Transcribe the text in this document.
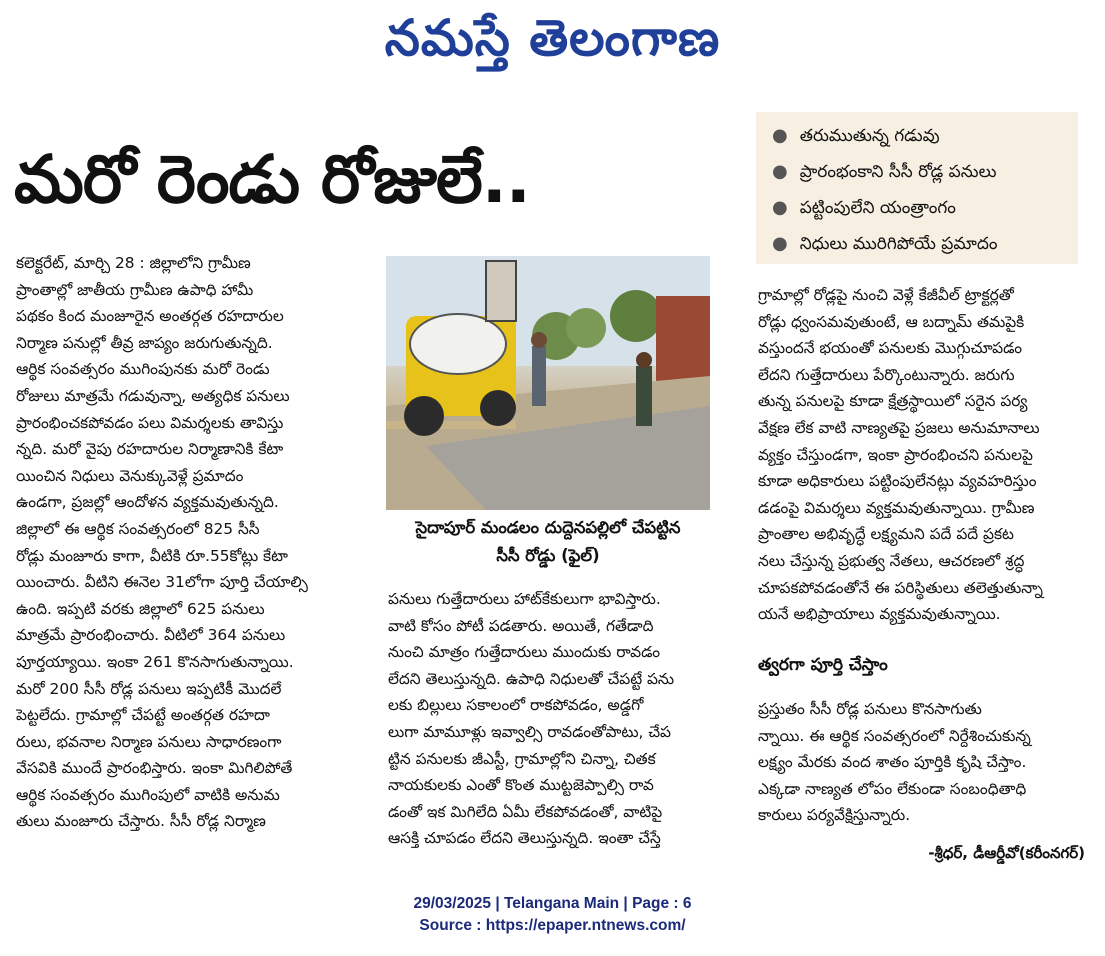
నమస్తే తెలంగాణ
మరో రెండు రోజులే..
● తరుముతున్న గడువు
● ప్రారంభంకాని సీసీ రోడ్ల పనులు
● పట్టింపులేని యంత్రాంగం
● నిధులు మురిగిపోయే ప్రమాదం
కలెక్టరేట్, మార్చి 28 : జిల్లాలోని గ్రామీణ
ప్రాంతాల్లో జాతీయ గ్రామీణ ఉపాధి హామీ
పథకం కింద మంజూరైన అంతర్గత రహదారుల
నిర్మాణ పనుల్లో తీవ్ర జాప్యం జరుగుతున్నది.
ఆర్థిక సంవత్సరం ముగింపునకు మరో రెండు
రోజులు మాత్రమే గడువున్నా, అత్యధిక పనులు
ప్రారంభించకపోవడం పలు విమర్శలకు తావిస్తు
న్నది. మరో వైపు రహదారుల నిర్మాణానికి కేటా
యించిన నిధులు వెనుక్కువెళ్లే ప్రమాదం
ఉండగా, ప్రజల్లో ఆందోళన వ్యక్తమవుతున్నది.
జిల్లాలో ఈ ఆర్థిక సంవత్సరంలో 825 సీసీ
రోడ్లు మంజూరు కాగా, వీటికి రూ.55కోట్లు కేటా
యించారు. వీటిని ఈనెల 31లోగా పూర్తి చేయాల్సి
ఉంది. ఇప్పటి వరకు జిల్లాలో 625 పనులు
మాత్రమే ప్రారంభించారు. వీటిలో 364 పనులు
పూర్తయ్యాయి. ఇంకా 261 కొనసాగుతున్నాయి.
మరో 200 సీసీ రోడ్ల పనులు ఇప్పటికీ మొదలే
పెట్టలేదు. గ్రామాల్లో చేపట్టే అంతర్గత రహదా
రులు, భవనాల నిర్మాణ పనులు సాధారణంగా
వేసవికి ముందే ప్రారంభిస్తారు. ఇంకా మిగిలిపోతే
ఆర్థిక సంవత్సరం ముగింపులో వాటికి అనుమ
తులు మంజూరు చేస్తారు. సీసీ రోడ్ల నిర్మాణ
సైదాపూర్ మండలం దుద్దెనపల్లిలో చేపట్టిన
సీసీ రోడ్డు (ఫైల్)
పనులు గుత్తేదారులు హాట్‌కేకులుగా భావిస్తారు.
వాటి కోసం పోటీ పడతారు. అయితే, గతేడాది
నుంచి మాత్రం గుత్తేదారులు ముందుకు రావడం
లేదని తెలుస్తున్నది. ఉపాధి నిధులతో చేపట్టే పను
లకు బిల్లులు సకాలంలో రాకపోవడం, అడ్డగో
లుగా మామూళ్లు ఇవ్వాల్సి రావడంతోపాటు, చేప
ట్టిన పనులకు జీఎస్టీ, గ్రామాల్లోని చిన్నా, చితక
నాయకులకు ఎంతో కొంత ముట్టజెప్పాల్సి రావ
డంతో ఇక మిగిలేది ఏమీ లేకపోవడంతో, వాటిపై
ఆసక్తి చూపడం లేదని తెలుస్తున్నది. ఇంతా చేస్తే
గ్రామాల్లో రోడ్లపై నుంచి వెళ్లే కేజీవీల్ ట్రాక్టర్లతో
రోడ్లు ధ్వంసమవుతుంటే, ఆ బద్నామ్ తమపైకి
వస్తుందనే భయంతో పనులకు మొగ్గుచూపడం
లేదని గుత్తేదారులు పేర్కొంటున్నారు. జరుగు
తున్న పనులపై కూడా క్షేత్రస్థాయిలో సరైన పర్య
వేక్షణ లేక వాటి నాణ్యతపై ప్రజలు అనుమానాలు
వ్యక్తం చేస్తుండగా, ఇంకా ప్రారంభించని పనులపై
కూడా అధికారులు పట్టింపులేనట్లు వ్యవహరిస్తుం
డడంపై విమర్శలు వ్యక్తమవుతున్నాయి. గ్రామీణ
ప్రాంతాల అభివృద్ధే లక్ష్యమని పదే పదే ప్రకట
నలు చేస్తున్న ప్రభుత్వ నేతలు, ఆచరణలో శ్రద్ధ
చూపకపోవడంతోనే ఈ పరిస్థితులు తలెత్తుతున్నా
యనే అభిప్రాయాలు వ్యక్తమవుతున్నాయి.
త్వరగా పూర్తి చేస్తాం
ప్రస్తుతం సీసీ రోడ్ల పనులు కొనసాగుతు
న్నాయి. ఈ ఆర్థిక సంవత్సరంలో నిర్దేశించుకున్న
లక్ష్యం మేరకు వంద శాతం పూర్తికి కృషి చేస్తాం.
ఎక్కడా నాణ్యత లోపం లేకుండా సంబంధితాధి
కారులు పర్యవేక్షిస్తున్నారు.
-శ్రీధర్, డీఆర్డీవో(కరీంనగర్)
29/03/2025 | Telangana Main | Page : 6
Source : https://epaper.ntnews.com/
